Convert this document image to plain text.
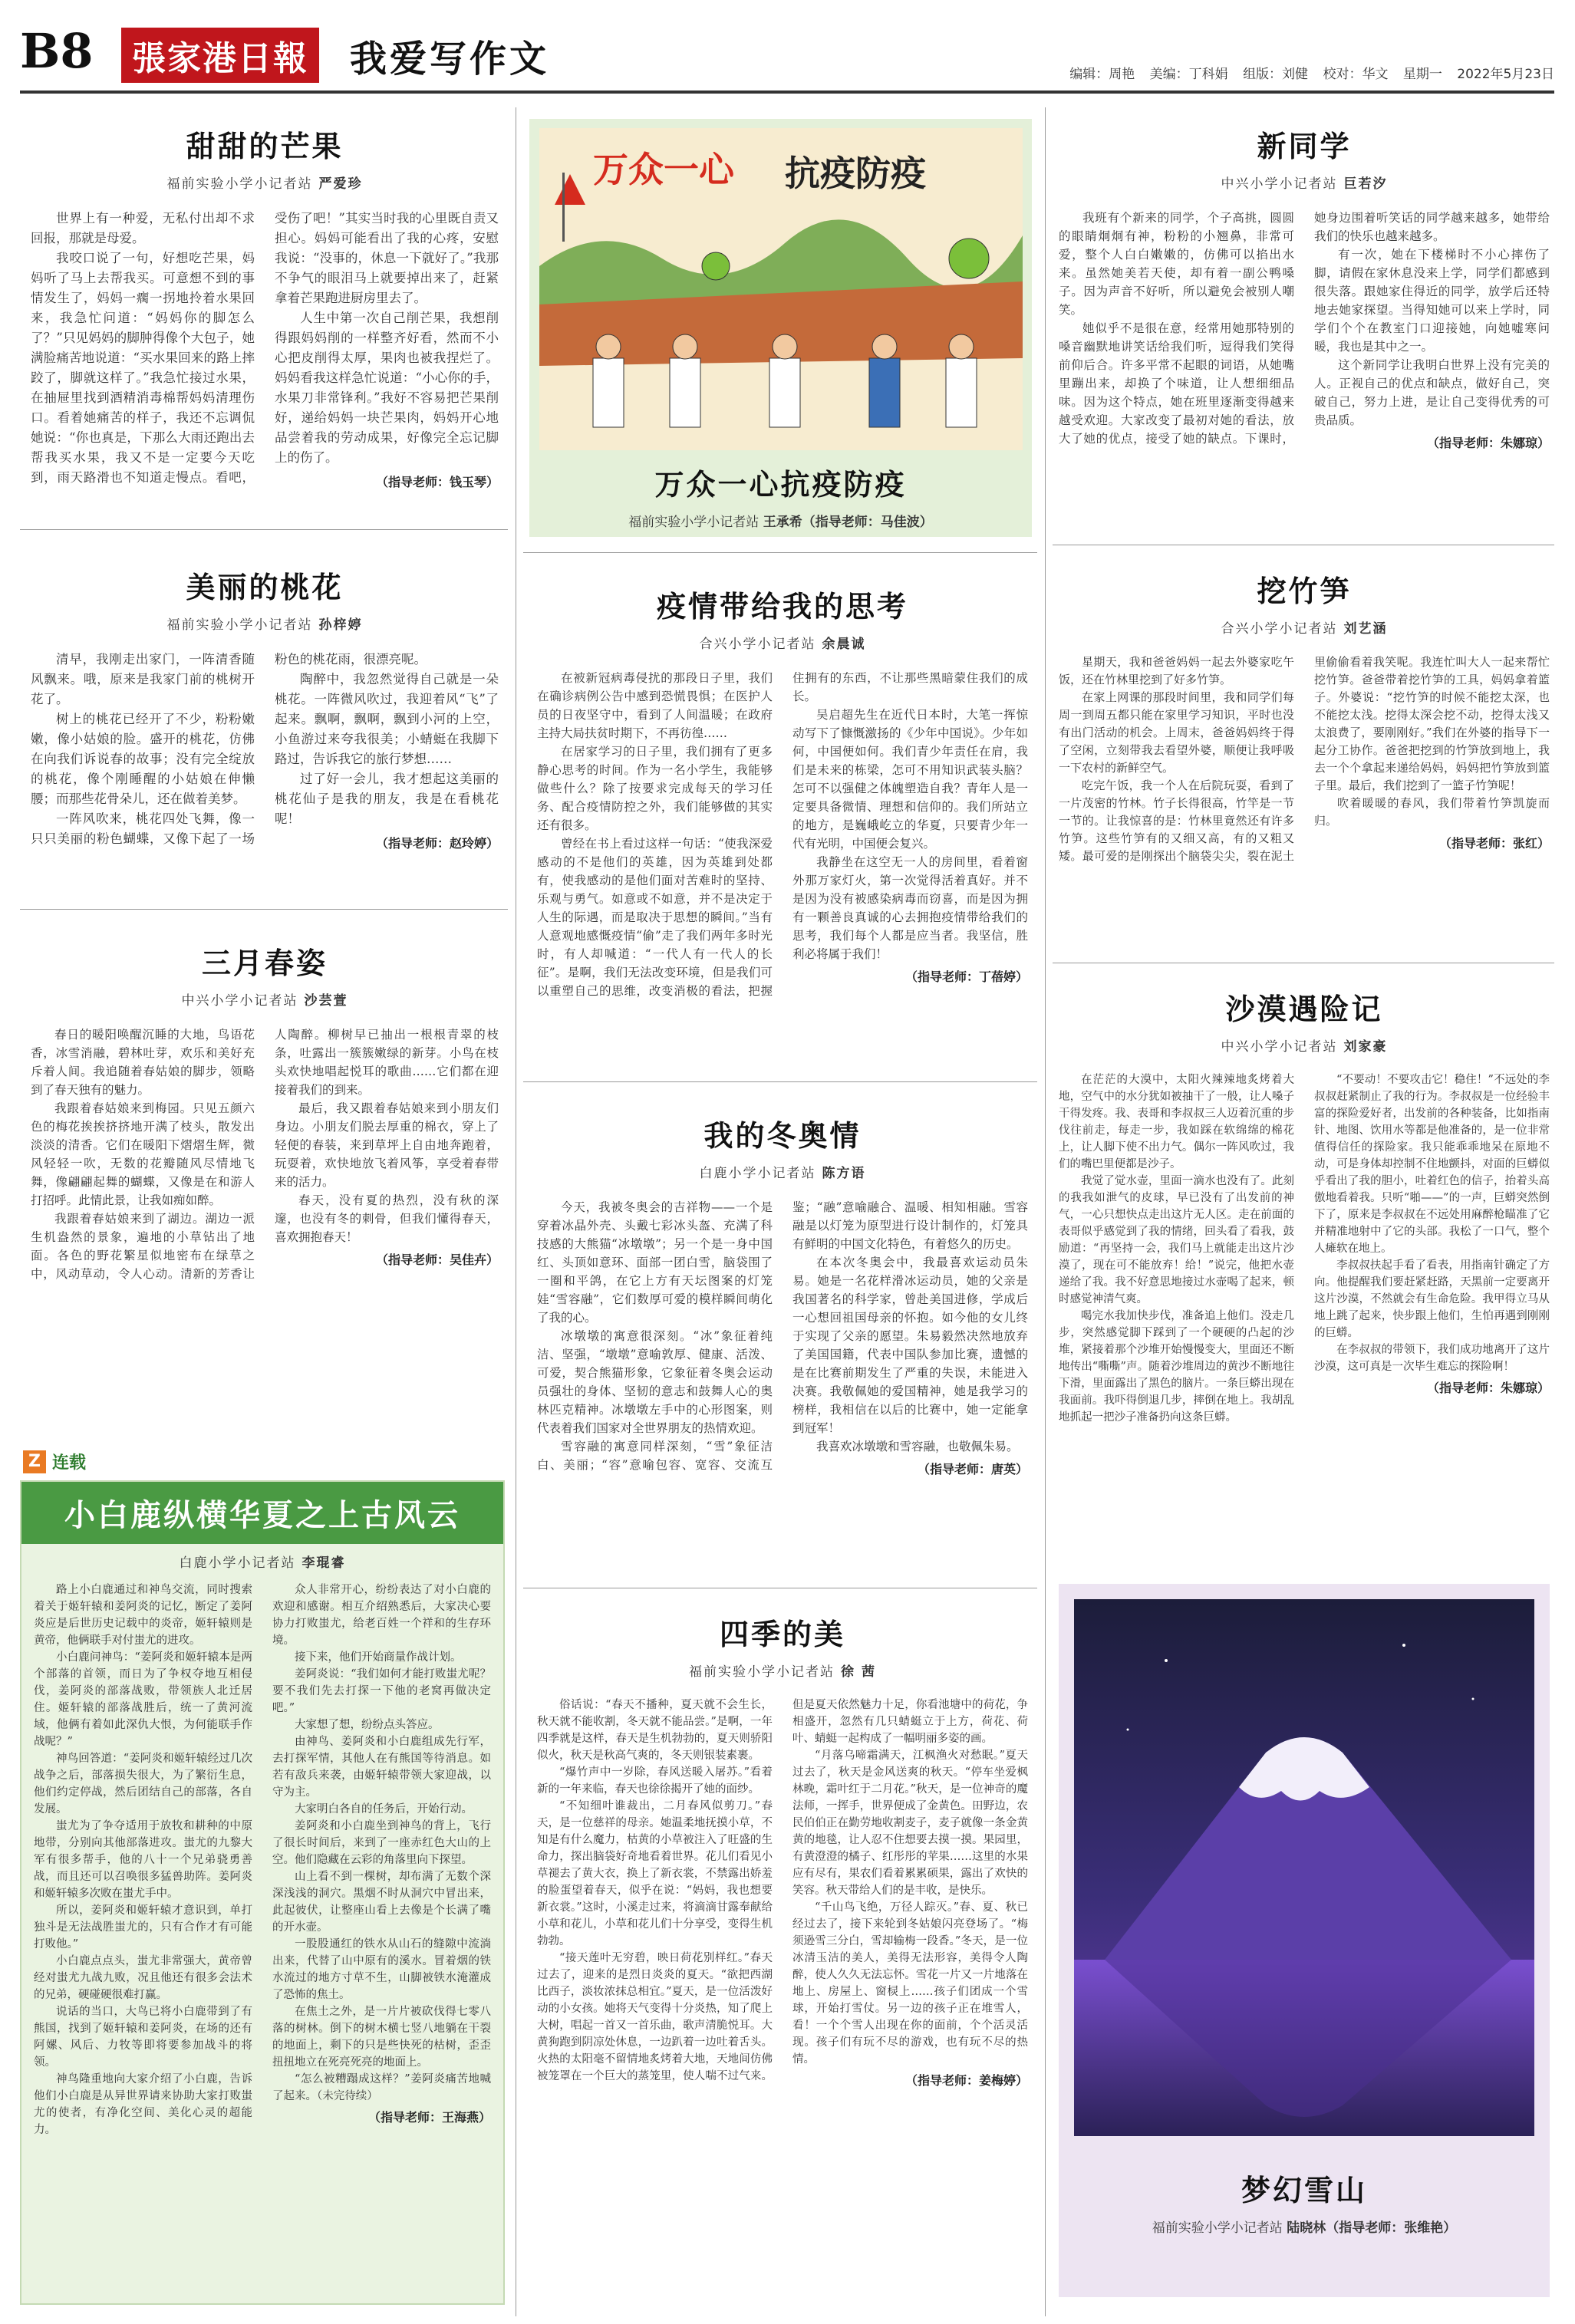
B8	張家港日報 我爱写作文	编辑：周艳 美编：丁科娟 组版：刘健 校对：华文 星期一 2022年5月23日
甜甜的芒果
福前实验小学小记者站 严爱珍

世界上有一种爱，无私付出却不求回报，那就是母爱。

我咬口说了一句，好想吃芒果，妈妈听了马上去帮我买。可意想不到的事情发生了，妈妈一瘸一拐地拎着水果回来，我急忙问道：“妈妈你的脚怎么了？”只见妈妈的脚肿得像个大包子，她满脸痛苦地说道：“买水果回来的路上摔跤了，脚就这样了。”我急忙接过水果，在抽屉里找到酒精消毒棉帮妈妈清理伤口。看着她痛苦的样子，我还不忘调侃她说：“你也真是，下那么大雨还跑出去帮我买水果，我又不是一定要今天吃到，雨天路滑也不知道走慢点。看吧，受伤了吧！”其实当时我的心里既自责又担心。妈妈可能看出了我的心疼，安慰我说：“没事的，休息一下就好了。”我那不争气的眼泪马上就要掉出来了，赶紧拿着芒果跑进厨房里去了。

人生中第一次自己削芒果，我想削得跟妈妈削的一样整齐好看，然而不小心把皮削得太厚，果肉也被我捏烂了。妈妈看我这样急忙说道：“小心你的手，水果刀非常锋利。”我好不容易把芒果削好，递给妈妈一块芒果肉，妈妈开心地品尝着我的劳动成果，好像完全忘记脚上的伤了。

（指导老师：钱玉琴）
美丽的桃花
福前实验小学小记者站 孙梓婷

清早，我刚走出家门，一阵清香随风飘来。哦，原来是我家门前的桃树开花了。

树上的桃花已经开了不少，粉粉嫩嫩，像小姑娘的脸。盛开的桃花，仿佛在向我们诉说春的故事；没有完全绽放的桃花，像个刚睡醒的小姑娘在伸懒腰；而那些花骨朵儿，还在做着美梦。

一阵风吹来，桃花四处飞舞，像一只只美丽的粉色蝴蝶，又像下起了一场粉色的桃花雨，很漂亮呢。

陶醉中，我忽然觉得自己就是一朵桃花。一阵微风吹过，我迎着风“飞”了起来。飘啊，飘啊，飘到小河的上空，小鱼游过来夸我很美；小蜻蜓在我脚下路过，告诉我它的旅行梦想……

过了好一会儿，我才想起这美丽的桃花仙子是我的朋友，我是在看桃花呢！

（指导老师：赵玲婷）
三月春姿
中兴小学小记者站 沙芸萱

春日的暖阳唤醒沉睡的大地，鸟语花香，冰雪消融，碧林吐芽，欢乐和美好充斥着人间。我追随着春姑娘的脚步，领略到了春天独有的魅力。

我跟着春姑娘来到梅园。只见五颜六色的梅花挨挨挤挤地开满了枝头，散发出淡淡的清香。它们在暖阳下熠熠生辉，微风轻轻一吹，无数的花瓣随风尽情地飞舞，像翩翩起舞的蝴蝶，又像是在和游人打招呼。此情此景，让我如痴如醉。

我跟着春姑娘来到了湖边。湖边一派生机盎然的景象，遍地的小草钻出了地面。各色的野花繁星似地密布在绿草之中，风动草动，令人心动。清新的芳香让人陶醉。柳树早已抽出一根根青翠的枝条，吐露出一簇簇嫩绿的新芽。小鸟在枝头欢快地唱起悦耳的歌曲……它们都在迎接着我们的到来。

最后，我又跟着春姑娘来到小朋友们身边。小朋友们脱去厚重的棉衣，穿上了轻便的春装，来到草坪上自由地奔跑着，玩耍着，欢快地放飞着风筝，享受着春带来的活力。

春天，没有夏的热烈，没有秋的深邃，也没有冬的刺骨，但我们懂得春天，喜欢拥抱春天！

（指导老师：吴佳卉）
Z 连载
小白鹿纵横华夏之上古风云
白鹿小学小记者站 李琨睿

路上小白鹿通过和神鸟交流，同时搜索着关于姬轩辕和姜阿炎的记忆，断定了姜阿炎应是后世历史记载中的炎帝，姬轩辕则是黄帝，他俩联手对付蚩尤的进攻。

小白鹿问神鸟：“姜阿炎和姬轩辕本是两个部落的首领，而日为了争权夺地互相侵伐，姜阿炎的部落战败，带领族人北迁居住。姬轩辕的部落战胜后，统一了黄河流域，他俩有着如此深仇大恨，为何能联手作战呢？”

神鸟回答道：“姜阿炎和姬轩辕经过几次战争之后，部落损失很大，为了繁衍生息，他们约定停战，然后团结自己的部落，各自发展。

蚩尤为了争夺适用于放牧和耕种的中原地带，分别向其他部落进攻。蚩尤的九黎大军有很多帮手，他的八十一个兄弟骁勇善战，而且还可以召唤很多猛兽助阵。姜阿炎和姬轩辕多次败在蚩尤手中。

所以，姜阿炎和姬轩辕才意识到，单打独斗是无法战胜蚩尤的，只有合作才有可能打败他。”

小白鹿点点头，蚩尤非常强大，黄帝曾经对蚩尤九战九败，况且他还有很多会法术的兄弟，硬碰硬很难打赢。

说话的当口，大鸟已将小白鹿带到了有熊国，找到了姬轩辕和姜阿炎，在场的还有阿嫘、风后、力牧等即将要参加战斗的将领。

神鸟隆重地向大家介绍了小白鹿，告诉他们小白鹿是从异世界请来协助大家打败蚩尤的使者，有净化空间、美化心灵的超能力。

众人非常开心，纷纷表达了对小白鹿的欢迎和感谢。相互介绍熟悉后，大家决心要协力打败蚩尤，给老百姓一个祥和的生存环境。

接下来，他们开始商量作战计划。

姜阿炎说：“我们如何才能打败蚩尤呢？要不我们先去打探一下他的老窝再做决定吧。”

大家想了想，纷纷点头答应。

由神鸟、姜阿炎和小白鹿组成先行军，去打探军情，其他人在有熊国等待消息。如若有敌兵来袭，由姬轩辕带领大家迎战，以守为主。

大家明白各自的任务后，开始行动。

姜阿炎和小白鹿坐到神鸟的背上，飞行了很长时间后，来到了一座赤红色大山的上空。他们隐藏在云彩的角落里向下探望。

山上看不到一棵树，却布满了无数个深深浅浅的洞穴。黑烟不时从洞穴中冒出来，此起彼伏，让整座山看上去像是个长满了嘴的开水壶。

一股股通红的铁水从山石的缝隙中流淌出来，代替了山中原有的溪水。冒着烟的铁水流过的地方寸草不生，山脚被铁水淹灌成了恐怖的焦土。

在焦土之外，是一片片被砍伐得七零八落的树林。倒下的树木横七竖八地躺在干裂的地面上，剩下的只是些快死的枯树，歪歪扭扭地立在死亮死亮的地面上。

“怎么被糟蹋成这样？”姜阿炎痛苦地喊了起来。（未完待续）

（指导老师：王海燕）
万众一心 抗疫防疫
万众一心抗疫防疫
福前实验小学小记者站 王承希（指导老师：马佳波）
疫情带给我的思考
合兴小学小记者站 余晨诚

在被新冠病毒侵扰的那段日子里，我们在确诊病例公告中感到恐慌畏惧；在医护人员的日夜坚守中，看到了人间温暖；在政府主持大局扶贫时期下，不再彷徨……

在居家学习的日子里，我们拥有了更多静心思考的时间。作为一名小学生，我能够做些什么？除了按要求完成每天的学习任务、配合疫情防控之外，我们能够做的其实还有很多。

曾经在书上看过这样一句话：“使我深爱感动的不是他们的英雄，因为英雄到处都有，使我感动的是他们面对苦难时的坚持、乐观与勇气。如意或不如意，并不是决定于人生的际遇，而是取决于思想的瞬间。”当有人意观地感慨疫情“偷”走了我们两年多时光时，有人却喊道：“一代人有一代人的长征”。是啊，我们无法改变环境，但是我们可以重塑自己的思维，改变消极的看法，把握住拥有的东西，不让那些黑暗蒙住我们的成长。

吴启超先生在近代日本时，大笔一挥惊动写下了慷慨激扬的《少年中国说》。少年如何，中国便如何。我们青少年责任在肩，我们是未来的栋梁，怎可不用知识武装头脑？怎可不以强健之体魄塑造自我？青年人是一定要具备微情、理想和信仰的。我们所站立的地方，是巍峨屹立的华夏，只要青少年一代有光明，中国便会复兴。

我静坐在这空无一人的房间里，看着窗外那万家灯火，第一次觉得活着真好。并不是因为没有被感染病毒而窃喜，而是因为拥有一颗善良真诚的心去拥抱疫情带给我们的思考，我们每个人都是应当者。我坚信，胜利必将属于我们！

（指导老师：丁蓓婷）
我的冬奥情
白鹿小学小记者站 陈方语

今天，我被冬奥会的吉祥物——一个是穿着冰晶外壳、头戴七彩冰头盔、充满了科技感的大熊猫“冰墩墩”；另一个是一身中国红、头顶如意环、面部一团白雪，脑袋围了一圈和平鸽，在它上方有天坛图案的灯笼娃“雪容融”，它们数厚可爱的模样瞬间萌化了我的心。

冰墩墩的寓意很深刻。“冰”象征着纯洁、坚强，“墩墩”意喻敦厚、健康、活泼、可爱，契合熊猫形象，它象征着冬奥会运动员强壮的身体、坚韧的意志和鼓舞人心的奥林匹克精神。冰墩墩左手中的心形图案，则代表着我们国家对全世界朋友的热情欢迎。

雪容融的寓意同样深刻，“雪”象征洁白、美丽；“容”意喻包容、宽容、交流互鉴；“融”意喻融合、温暖、相知相融。雪容融是以灯笼为原型进行设计制作的，灯笼具有鲜明的中国文化特色，有着悠久的历史。

在本次冬奥会中，我最喜欢运动员朱易。她是一名花样滑冰运动员，她的父亲是我国著名的科学家，曾赴美国进修，学成后一心想回祖国母亲的怀抱。如今他的女儿终于实现了父亲的愿望。朱易毅然决然地放弃了美国国籍，代表中国队参加比赛，遗憾的是在比赛前期发生了严重的失误，未能进入决赛。我敬佩她的爱国精神，她是我学习的榜样，我相信在以后的比赛中，她一定能拿到冠军！

我喜欢冰墩墩和雪容融，也敬佩朱易。

（指导老师：唐英）
四季的美
福前实验小学小记者站 徐 茜

俗话说：“春天不播种，夏天就不会生长，秋天就不能收割，冬天就不能品尝。”是啊，一年四季就是这样，春天是生机勃勃的，夏天则骄阳似火，秋天是秋高气爽的，冬天则银装素裹。

“爆竹声中一岁除，春风送暖入屠苏。”看着新的一年来临，春天也徐徐揭开了她的面纱。

“不知细叶谁裁出，二月春风似剪刀。”春天，是一位慈祥的母亲。她温柔地抚摸小草，不知是有什么魔力，枯黄的小草被注入了旺盛的生命力，探出脑袋好奇地看着世界。花儿们看见小草褪去了黄大衣，换上了新衣裳，不禁露出娇羞的脸蛋望着春天，似乎在说：“妈妈，我也想要新衣裳。”这时，小溪走过来，将滴滴甘露奉献给小草和花儿，小草和花儿们十分享受，变得生机勃勃。

“接天莲叶无穷碧，映日荷花别样红。”春天过去了，迎来的是烈日炎炎的夏天。“欲把西湖比西子，淡妆浓抹总相宜。”夏天，是一位活泼好动的小女孩。她将天气变得十分炎热，知了爬上大树，唱起一首又一首乐曲，歌声清脆悦耳。大黄狗跑到阴凉处休息，一边趴着一边吐着舌头。火热的太阳毫不留情地炙烤着大地，天地间仿佛被笼罩在一个巨大的蒸笼里，使人喘不过气来。但是夏天依然魅力十足，你看池塘中的荷花，争相盛开，忽然有几只蜻蜓立于上方，荷花、荷叶、蜻蜓一起构成了一幅明丽多姿的画。

“月落乌啼霜满天，江枫渔火对愁眠。”夏天过去了，秋天是金风送爽的秋天。“停车坐爱枫林晚，霜叶红于二月花。”秋天，是一位神奇的魔法师，一挥手，世界便成了金黄色。田野边，农民伯伯正在勤劳地收割麦子，麦子就像一条金黄黄的地毯，让人忍不住想要去摸一摸。果园里，有黄澄澄的橘子、红彤彤的苹果……这里的水果应有尽有，果农们看着累累硕果，露出了欢快的笑容。秋天带给人们的是丰收，是快乐。

“千山鸟飞绝，万径人踪灭。”春、夏、秋已经过去了，接下来轮到冬姑娘闪亮登场了。“梅须逊雪三分白，雪却输梅一段香。”冬天，是一位冰清玉洁的美人，美得无法形容，美得令人陶醉，使人久久无法忘怀。雪花一片又一片地落在地上、房屋上、窗棂上……孩子们团成一个雪球，开始打雪仗。另一边的孩子正在堆雪人，看！一个个雪人出现在你的面前，个个活灵活现。孩子们有玩不尽的游戏，也有玩不尽的热情。

（指导老师：姜梅婷）
新同学
中兴小学小记者站 巨若汐

我班有个新来的同学，个子高挑，圆圆的眼睛炯炯有神，粉粉的小翘鼻，非常可爱，整个人白白嫩嫩的，仿佛可以掐出水来。虽然她美若天使，却有着一副公鸭嗓子。因为声音不好听，所以避免会被别人嘲笑。

她似乎不是很在意，经常用她那特别的嗓音幽默地讲笑话给我们听，逗得我们笑得前仰后合。许多平常不起眼的词语，从她嘴里蹦出来，却换了个味道，让人想细细品味。因为这个特点，她在班里逐渐变得越来越受欢迎。大家改变了最初对她的看法，放大了她的优点，接受了她的缺点。下课时，她身边围着听笑话的同学越来越多，她带给我们的快乐也越来越多。

有一次，她在下楼梯时不小心摔伤了脚，请假在家休息没来上学，同学们都感到很失落。跟她家住得近的同学，放学后还特地去她家探望。当得知她可以来上学时，同学们个个在教室门口迎接她，向她嘘寒问暖，我也是其中之一。

这个新同学让我明白世界上没有完美的人。正视自己的优点和缺点，做好自己，突破自己，努力上进，是让自己变得优秀的可贵品质。

（指导老师：朱娜琼）
挖竹笋
合兴小学小记者站 刘艺涵

星期天，我和爸爸妈妈一起去外婆家吃午饭，还在竹林里挖到了好多竹笋。

在家上网课的那段时间里，我和同学们每周一到周五都只能在家里学习知识，平时也没有出门活动的机会。上周末，爸爸妈妈终于得了空闲，立刻带我去看望外婆，顺便让我呼吸一下农村的新鲜空气。

吃完午饭，我一个人在后院玩耍，看到了一片茂密的竹林。竹子长得很高，竹竿是一节一节的。让我惊喜的是：竹林里竟然还有许多竹笋。这些竹笋有的又细又高，有的又粗又矮。最可爱的是刚探出个脑袋尖尖，裂在泥土里偷偷看着我笑呢。我连忙叫大人一起来帮忙挖竹笋。爸爸带着挖竹笋的工具，妈妈拿着篮子。外婆说：“挖竹笋的时候不能挖太深，也不能挖太浅。挖得太深会挖不动，挖得太浅又太浪费了，要刚刚好。”我们在外婆的指导下一起分工协作。爸爸把挖到的竹笋放到地上，我去一个个拿起来递给妈妈，妈妈把竹笋放到篮子里。最后，我们挖到了一篮子竹笋呢！

吹着暖暖的春风，我们带着竹笋凯旋而归。

（指导老师：张红）
沙漠遇险记
中兴小学小记者站 刘家豪

在茫茫的大漠中，太阳火辣辣地炙烤着大地，空气中的水分犹如被抽干了一般，让人嗓子干得发疼。我、表哥和李叔叔三人迈着沉重的步伐往前走，每走一步，我如踩在软绵绵的棉花上，让人脚下使不出力气。偶尔一阵风吹过，我们的嘴巴里便都是沙子。

我觉了觉水壶，里面一滴水也没有了。此刻的我我如泄气的皮球，早已没有了出发前的神气，一心只想快点走出这片无人区。走在前面的表哥似乎感觉到了我的情绪，回头看了看我，鼓励道：“再坚持一会，我们马上就能走出这片沙漠了，现在可不能放弃！给！”说完，他把水壶递给了我。我不好意思地接过水壶喝了起来，顿时感觉神清气爽。

喝完水我加快步伐，准备追上他们。没走几步，突然感觉脚下踩到了一个硬硬的凸起的沙堆，紧接着那个沙堆开始慢慢变大，里面还不断地传出“嘶嘶”声。随着沙堆周边的黄沙不断地往下滑，里面露出了黑色的脑片。一条巨蟒出现在我面前。我吓得倒退几步，摔倒在地上。我胡乱地抓起一把沙子准备扔向这条巨蟒。

“不要动！不要攻击它！稳住！”不远处的李叔叔赶紧制止了我的行为。李叔叔是一位经验丰富的探险爱好者，出发前的各种装备，比如指南针、地图、饮用水等都是他准备的，是一位非常值得信任的探险家。我只能乖乖地呆在原地不动，可是身体却控制不住地颤抖，对面的巨蟒似乎看出了我的胆小，吐着红色的信子，抬着头高傲地看着我。只听“啪——”的一声，巨蟒突然倒下了，原来是李叔叔在不远处用麻醉枪瞄准了它并精准地射中了它的头部。我松了一口气，整个人瘫软在地上。

李叔叔扶起手看了看表，用指南针确定了方向。他提醒我们要赶紧赶路，天黑前一定要离开这片沙漠，不然就会有生命危险。我甲得立马从地上跳了起来，快步跟上他们，生怕再遇到刚刚的巨蟒。

在李叔叔的带领下，我们成功地离开了这片沙漠，这可真是一次毕生难忘的探险啊！

（指导老师：朱娜琼）
梦幻雪山
福前实验小学小记者站 陆晓林（指导老师：张维艳）
